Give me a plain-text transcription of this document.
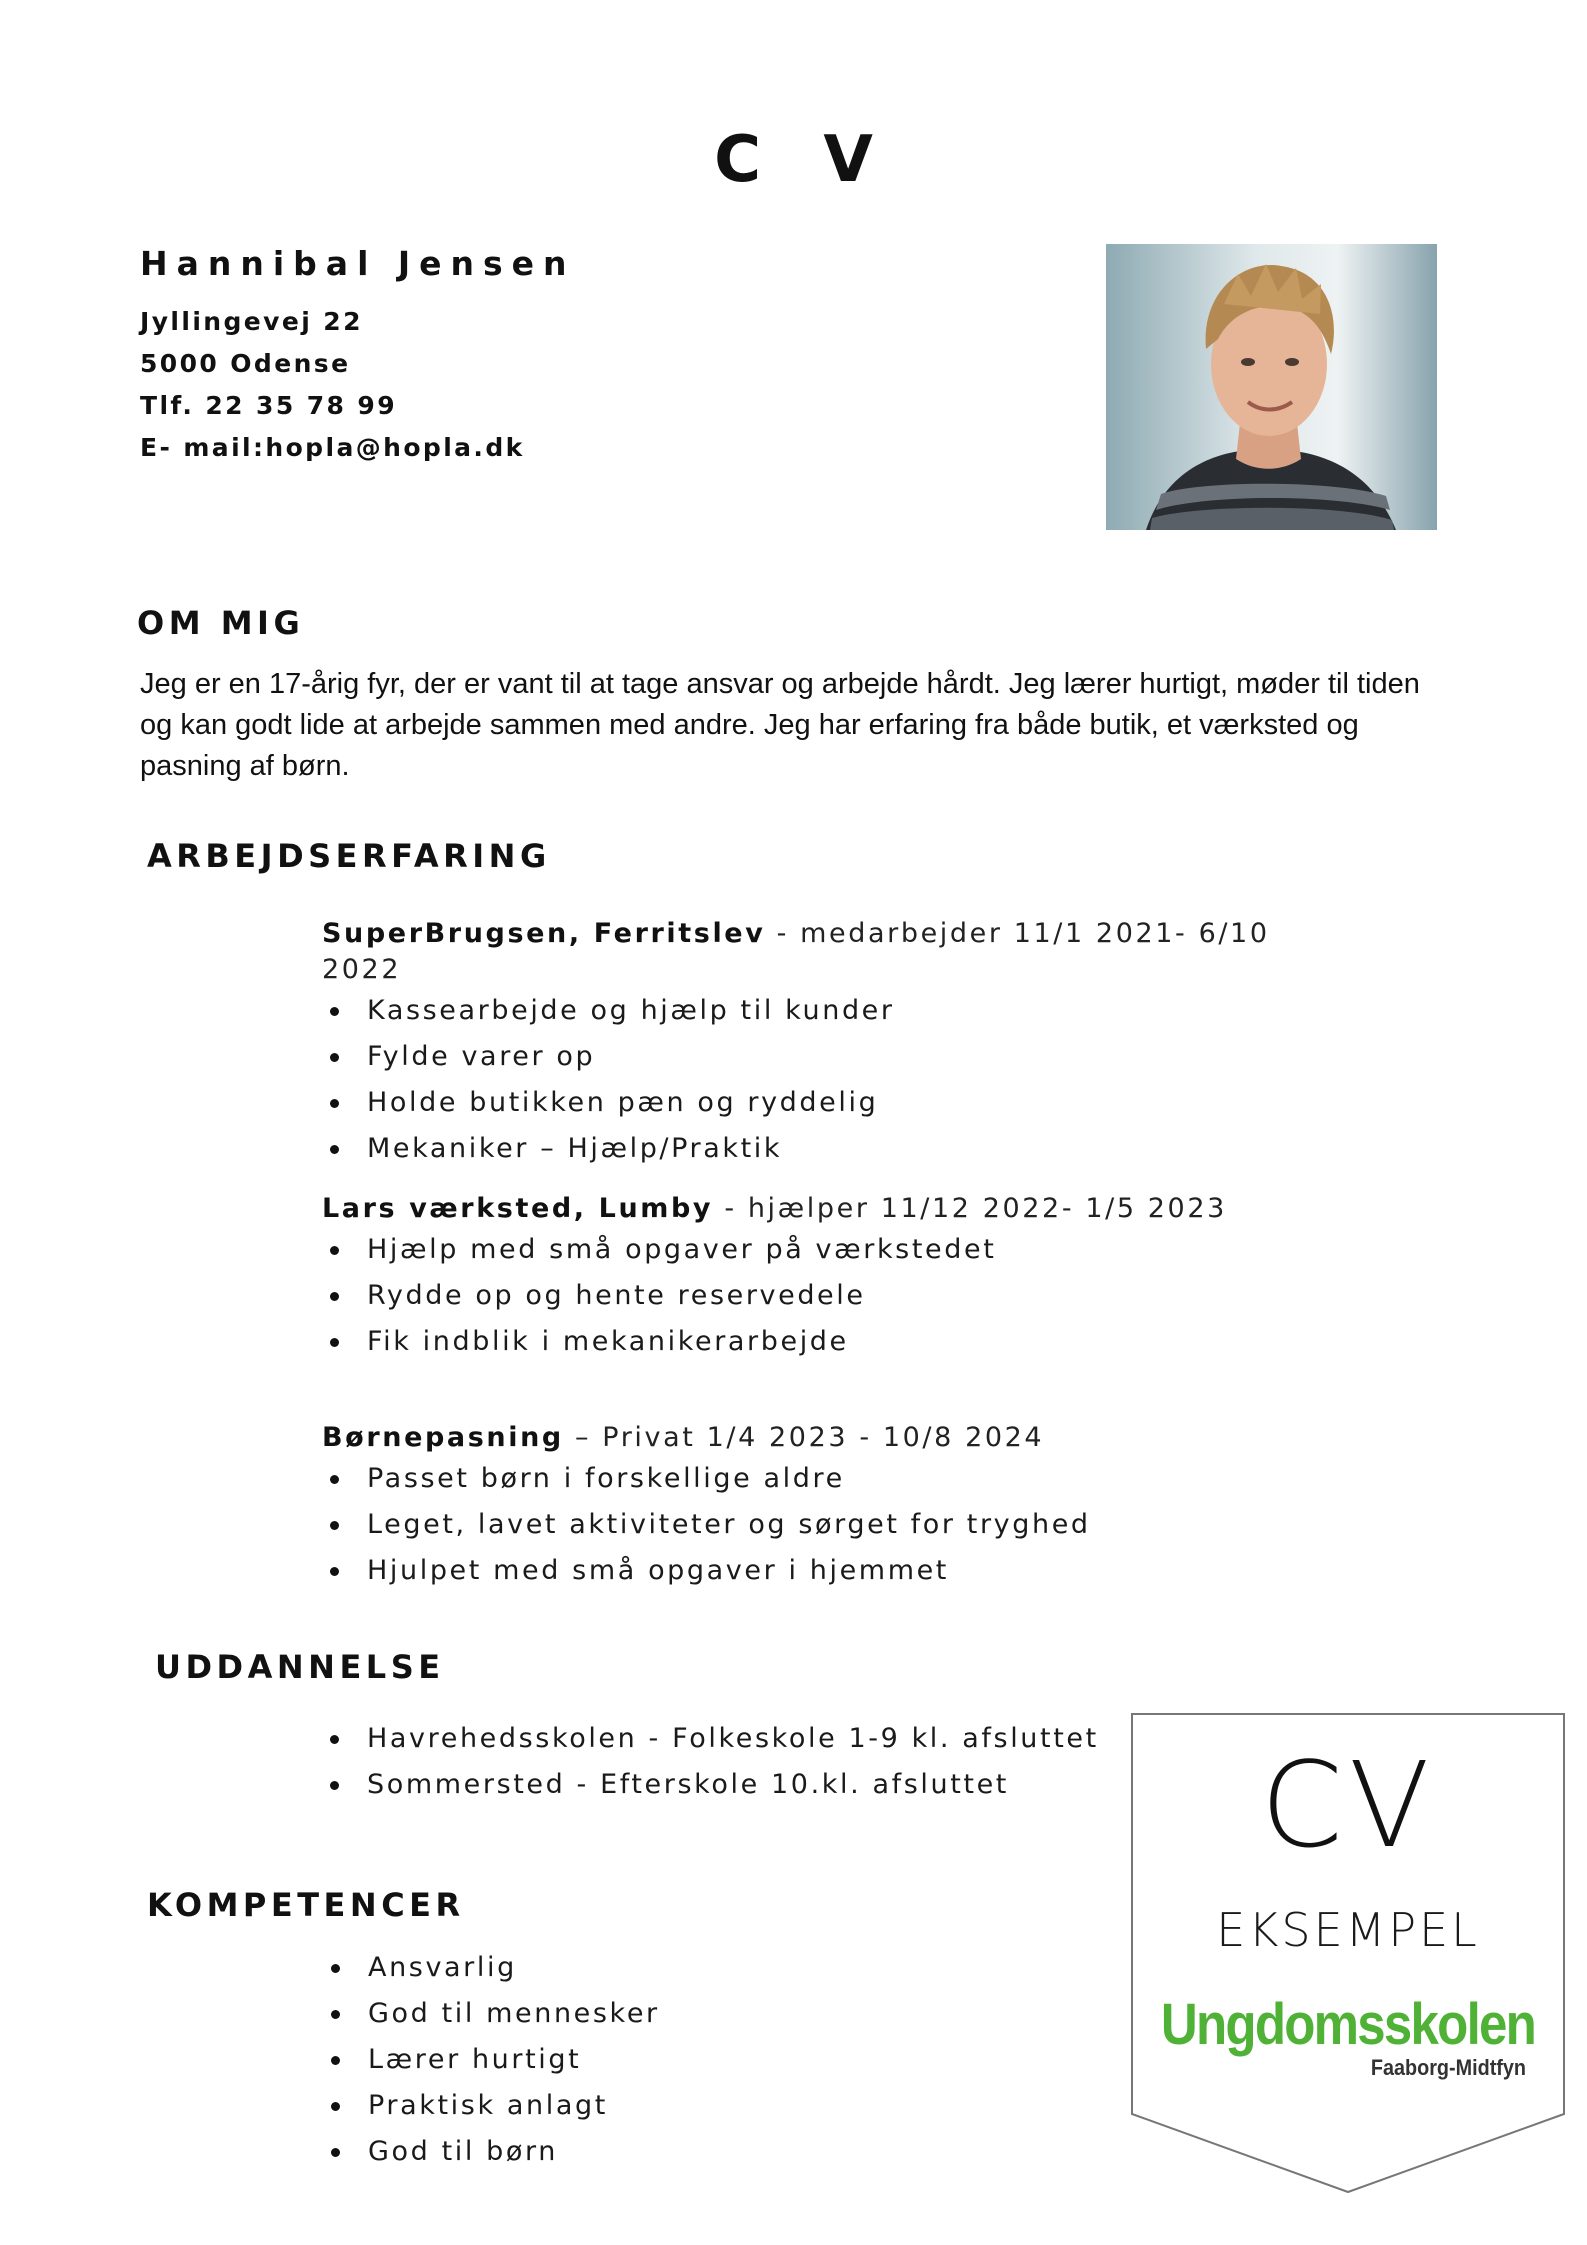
C V
Hannibal Jensen
Jyllingevej 22
5000 Odense
Tlf. 22 35 78 99
E- mail:hopla@hopla.dk
OM MIG
Jeg er en 17-årig fyr, der er vant til at tage ansvar og arbejde hårdt. Jeg lærer hurtigt, møder til tiden og kan godt lide at arbejde sammen med andre. Jeg har erfaring fra både butik, et værksted og pasning af børn.
ARBEJDSERFARING
SuperBrugsen, Ferritslev - medarbejder 11/1 2021- 6/10 2022
Kassearbejde og hjælp til kunder
Fylde varer op
Holde butikken pæn og ryddelig
Mekaniker – Hjælp/Praktik
Lars værksted, Lumby - hjælper 11/12 2022- 1/5 2023
Hjælp med små opgaver på værkstedet
Rydde op og hente reservedele
Fik indblik i mekanikerarbejde
Børnepasning – Privat 1/4 2023 - 10/8 2024
Passet børn i forskellige aldre
Leget, lavet aktiviteter og sørget for tryghed
Hjulpet med små opgaver i hjemmet
UDDANNELSE
Havrehedsskolen - Folkeskole 1-9 kl. afsluttet
Sommersted - Efterskole 10.kl. afsluttet
KOMPETENCER
Ansvarlig
God til mennesker
Lærer hurtigt
Praktisk anlagt
God til børn
CV
EKSEMPEL
Ungdomsskolen
Faaborg-Midtfyn
